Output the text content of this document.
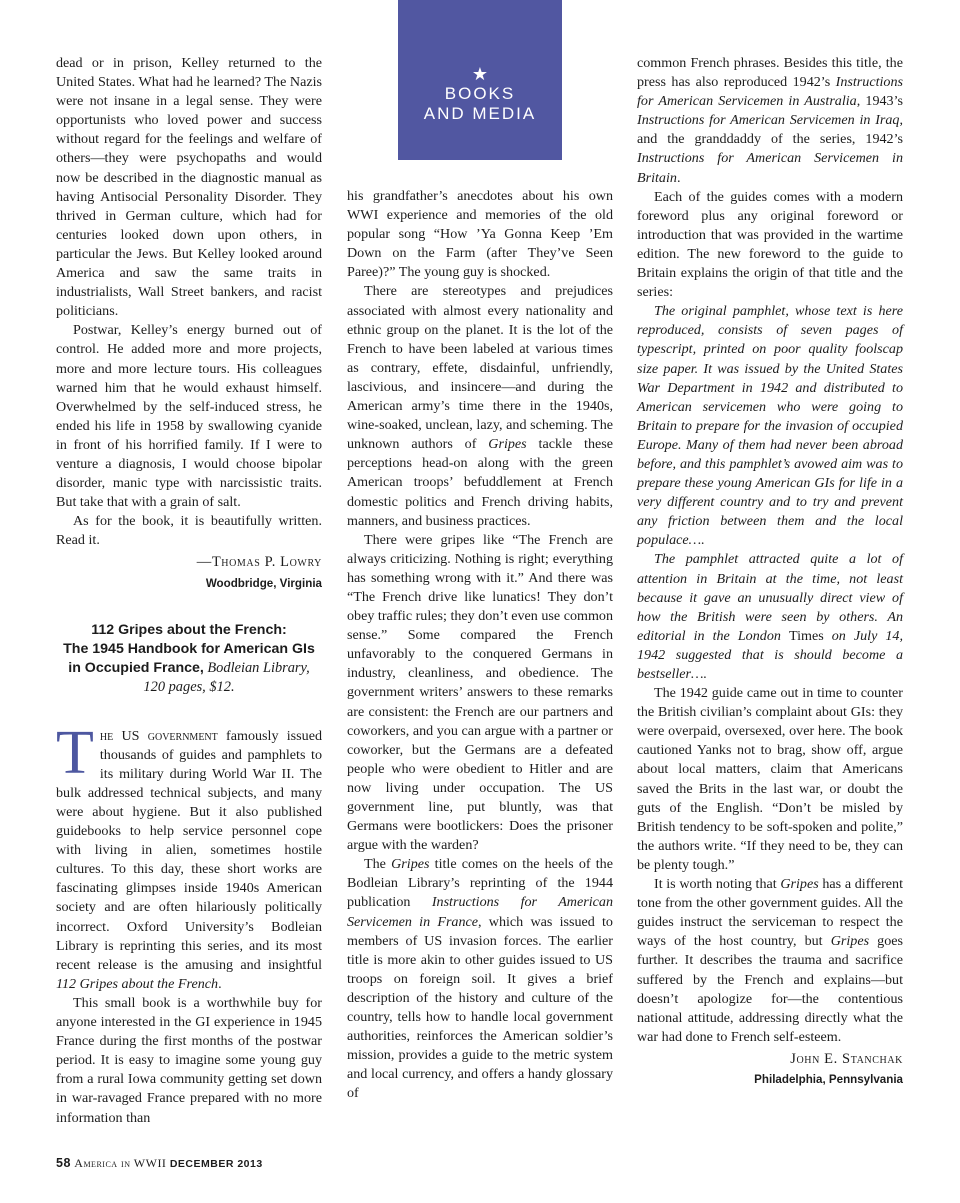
★
BOOKS
AND MEDIA

dead or in prison, Kelley returned to the United States. What had he learned? The Nazis were not insane in a legal sense. They were opportunists who loved power and success without regard for the feelings and welfare of others—they were psychopaths and would now be described in the diagnostic manual as having Antisocial Personality Disorder. They thrived in German culture, which had for centuries looked down upon others, in particular the Jews. But Kelley looked around America and saw the same traits in industrialists, Wall Street bankers, and racist politicians.

Postwar, Kelley’s energy burned out of control. He added more and more projects, more and more lecture tours. His colleagues warned him that he would exhaust himself. Overwhelmed by the self-induced stress, he ended his life in 1958 by swallowing cyanide in front of his horrified family. If I were to venture a diagnosis, I would choose bipolar disorder, manic type with narcissistic traits. But take that with a grain of salt.

As for the book, it is beautifully written. Read it.

—Thomas P. Lowry
Woodbridge, Virginia
112 Gripes about the French:
The 1945 Handbook for American GIs
in Occupied France, Bodleian Library,
120 pages, $12.

The US government famously issued thousands of guides and pamphlets to its military during World War II. The bulk addressed technical subjects, and many were about hygiene. But it also published guidebooks to help service personnel cope with living in alien, sometimes hostile cultures. To this day, these short works are fascinating glimpses inside 1940s American society and are often hilariously politically incorrect. Oxford University’s Bodleian Library is reprinting this series, and its most recent release is the amusing and insightful 112 Gripes about the French.

This small book is a worthwhile buy for anyone interested in the GI experience in 1945 France during the first months of the postwar period. It is easy to imagine some young guy from a rural Iowa community getting set down in war-ravaged France prepared with no more information than

his grandfather’s anecdotes about his own WWI experience and memories of the old popular song “How ’Ya Gonna Keep ’Em Down on the Farm (after They’ve Seen Paree)?” The young guy is shocked.

There are stereotypes and prejudices associated with almost every nationality and ethnic group on the planet. It is the lot of the French to have been labeled at various times as contrary, effete, disdainful, unfriendly, lascivious, and insincere—and during the American army’s time there in the 1940s, wine-soaked, unclean, lazy, and scheming. The unknown authors of Gripes tackle these perceptions head-on along with the green American troops’ befuddlement at French domestic politics and French driving habits, manners, and business practices.

There were gripes like “The French are always criticizing. Nothing is right; everything has something wrong with it.” And there was “The French drive like lunatics! They don’t obey traffic rules; they don’t even use common sense.” Some compared the French unfavorably to the conquered Germans in industry, cleanliness, and obedience. The government writers’ answers to these remarks are consistent: the French are our partners and coworkers, and you can argue with a partner or coworker, but the Germans are a defeated people who were obedient to Hitler and are now living under occupation. The US government line, put bluntly, was that Germans were bootlickers: Does the prisoner argue with the warden?

The Gripes title comes on the heels of the Bodleian Library’s reprinting of the 1944 publication Instructions for American Servicemen in France, which was issued to members of US invasion forces. The earlier title is more akin to other guides issued to US troops on foreign soil. It gives a brief description of the history and culture of the country, tells how to handle local government authorities, reinforces the American soldier’s mission, provides a guide to the metric system and local currency, and offers a handy glossary of

common French phrases. Besides this title, the press has also reproduced 1942’s Instructions for American Servicemen in Australia, 1943’s Instructions for American Servicemen in Iraq, and the granddaddy of the series, 1942’s Instructions for American Servicemen in Britain.

Each of the guides comes with a modern foreword plus any original foreword or introduction that was provided in the wartime edition. The new foreword to the guide to Britain explains the origin of that title and the series:

The original pamphlet, whose text is here reproduced, consists of seven pages of typescript, printed on poor quality foolscap size paper. It was issued by the United States War Department in 1942 and distributed to American servicemen who were going to Britain to prepare for the invasion of occupied Europe. Many of them had never been abroad before, and this pamphlet’s avowed aim was to prepare these young American GIs for life in a very different country and to try and prevent any friction between them and the local populace….

The pamphlet attracted quite a lot of attention in Britain at the time, not least because it gave an unusually direct view of how the British were seen by others. An editorial in the London Times on July 14, 1942 suggested that is should become a bestseller….

The 1942 guide came out in time to counter the British civilian’s complaint about GIs: they were overpaid, oversexed, over here. The book cautioned Yanks not to brag, show off, argue about local matters, claim that Americans saved the Brits in the last war, or doubt the guts of the English. “Don’t be misled by British tendency to be soft-spoken and polite,” the authors write. “If they need to be, they can be plenty tough.”

It is worth noting that Gripes has a different tone from the other government guides. All the guides instruct the serviceman to respect the ways of the host country, but Gripes goes further. It describes the trauma and sacrifice suffered by the French and explains—but doesn’t apologize for—the contentious national attitude, addressing directly what the war had done to French self-esteem.

John E. Stanchak
Philadelphia, Pennsylvania
58 America in WWII DECEMBER 2013
